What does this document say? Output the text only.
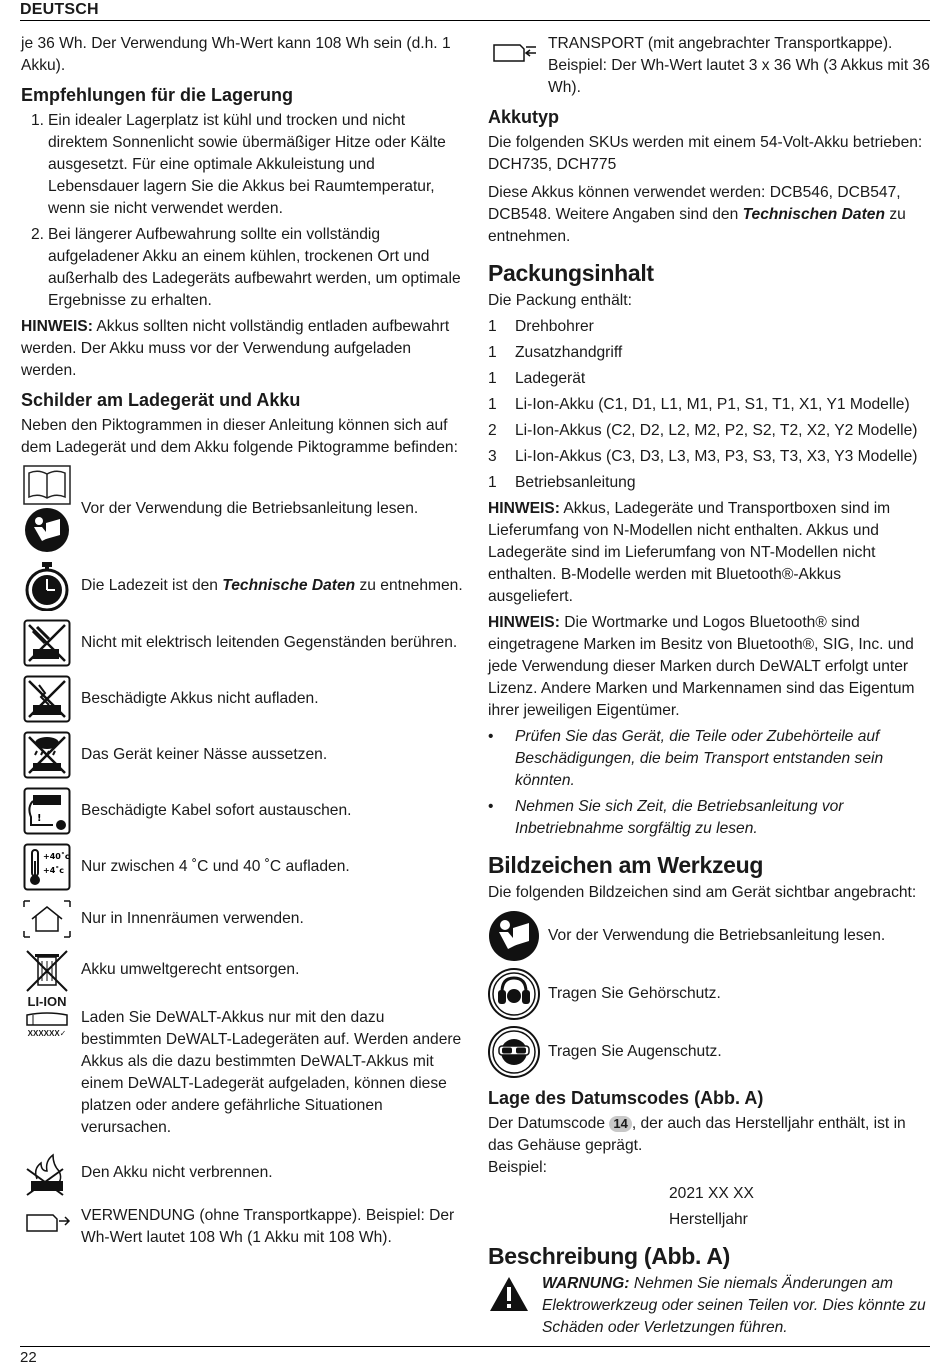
DEUTSCH

je 36 Wh. Der Verwendung Wh-Wert kann 108 Wh sein (d.h. 1 Akku).

Empfehlungen für die Lagerung
1. Ein idealer Lagerplatz ist kühl und trocken und nicht direktem Sonnenlicht sowie übermäßiger Hitze oder Kälte ausgesetzt. Für eine optimale Akkuleistung und Lebensdauer lagern Sie die Akkus bei Raumtemperatur, wenn sie nicht verwendet werden.
2. Bei längerer Aufbewahrung sollte ein vollständig aufgeladener Akku an einem kühlen, trockenen Ort und außerhalb des Ladegeräts aufbewahrt werden, um optimale Ergebnisse zu erhalten.

HINWEIS: Akkus sollten nicht vollständig entladen aufbewahrt werden. Der Akku muss vor der Verwendung aufgeladen werden.

Schilder am Ladegerät und Akku

Neben den Piktogrammen in dieser Anleitung können sich auf dem Ladegerät und dem Akku folgende Piktogramme befinden:

Vor der Verwendung die Betriebsanleitung lesen.
Die Ladezeit ist den Technische Daten zu entnehmen.
Nicht mit elektrisch leitenden Gegenständen berühren.
Beschädigte Akkus nicht aufladen.
Das Gerät keiner Nässe aussetzen.
!	Beschädigte Kabel sofort austauschen.
+40˚c
+4˚c Nur zwischen 4 ˚C und 40 ˚C aufladen.
Nur in Innenräumen verwenden.
LI-ION
Akku umweltgerecht entsorgen.
XXXXXX✓
Laden Sie DeWALT-Akkus nur mit den dazu bestimmten DeWALT-Ladegeräten auf. Werden andere Akkus als die dazu bestimmten DeWALT-Akkus mit einem DeWALT-Ladegerät aufgeladen, können diese platzen oder andere gefährliche Situationen verursachen.
Den Akku nicht verbrennen.
VERWENDUNG (ohne Transportkappe). Beispiel: Der Wh-Wert lautet 108 Wh (1 Akku mit 108 Wh).
TRANSPORT (mit angebrachter Transportkappe). Beispiel: Der Wh-Wert lautet 3 x 36 Wh (3 Akkus mit 36 Wh).
Akkutyp

Die folgenden SKUs werden mit einem 54-Volt-Akku betrieben: DCH735, DCH775

Diese Akkus können verwendet werden: DCB546, DCB547, DCB548. Weitere Angaben sind den Technischen Daten zu entnehmen.

Packungsinhalt

Die Packung enthält:

1	Drehbohrer
1	Zusatzhandgriff
1	Ladegerät
1	Li-Ion-Akku (C1, D1, L1, M1, P1, S1, T1, X1, Y1 Modelle)
2	Li-Ion-Akkus (C2, D2, L2, M2, P2, S2, T2, X2, Y2 Modelle)
3	Li-Ion-Akkus (C3, D3, L3, M3, P3, S3, T3, X3, Y3 Modelle)
1	Betriebsanleitung

HINWEIS: Akkus, Ladegeräte und Transportboxen sind im Lieferumfang von N-Modellen nicht enthalten. Akkus und Ladegeräte sind im Lieferumfang von NT-Modellen nicht enthalten. B-Modelle werden mit Bluetooth®-Akkus ausgeliefert.

HINWEIS: Die Wortmarke und Logos Bluetooth® sind eingetragene Marken im Besitz von Bluetooth®, SIG, Inc. und jede Verwendung dieser Marken durch DeWALT erfolgt unter Lizenz. Andere Marken und Markennamen sind das Eigentum ihrer jeweiligen Eigentümer.

•	Prüfen Sie das Gerät, die Teile oder Zubehörteile auf Beschädigungen, die beim Transport entstanden sein könnten.
•	Nehmen Sie sich Zeit, die Betriebsanleitung vor Inbetriebnahme sorgfältig zu lesen.
Bildzeichen am Werkzeug

Die folgenden Bildzeichen sind am Gerät sichtbar angebracht:

Vor der Verwendung die Betriebsanleitung lesen.
Tragen Sie Gehörschutz.
Tragen Sie Augenschutz.
Lage des Datumscodes (Abb. A)

Der Datumscode 14 , der auch das Herstelljahr enthält, ist in das Gehäuse geprägt.

Beispiel:

2021 XX XX

Herstelljahr

Beschreibung (Abb. A)

WARNUNG: Nehmen Sie niemals Änderungen am Elektrowerkzeug oder seinen Teilen vor. Dies könnte zu Schäden oder Verletzungen führen.

22
